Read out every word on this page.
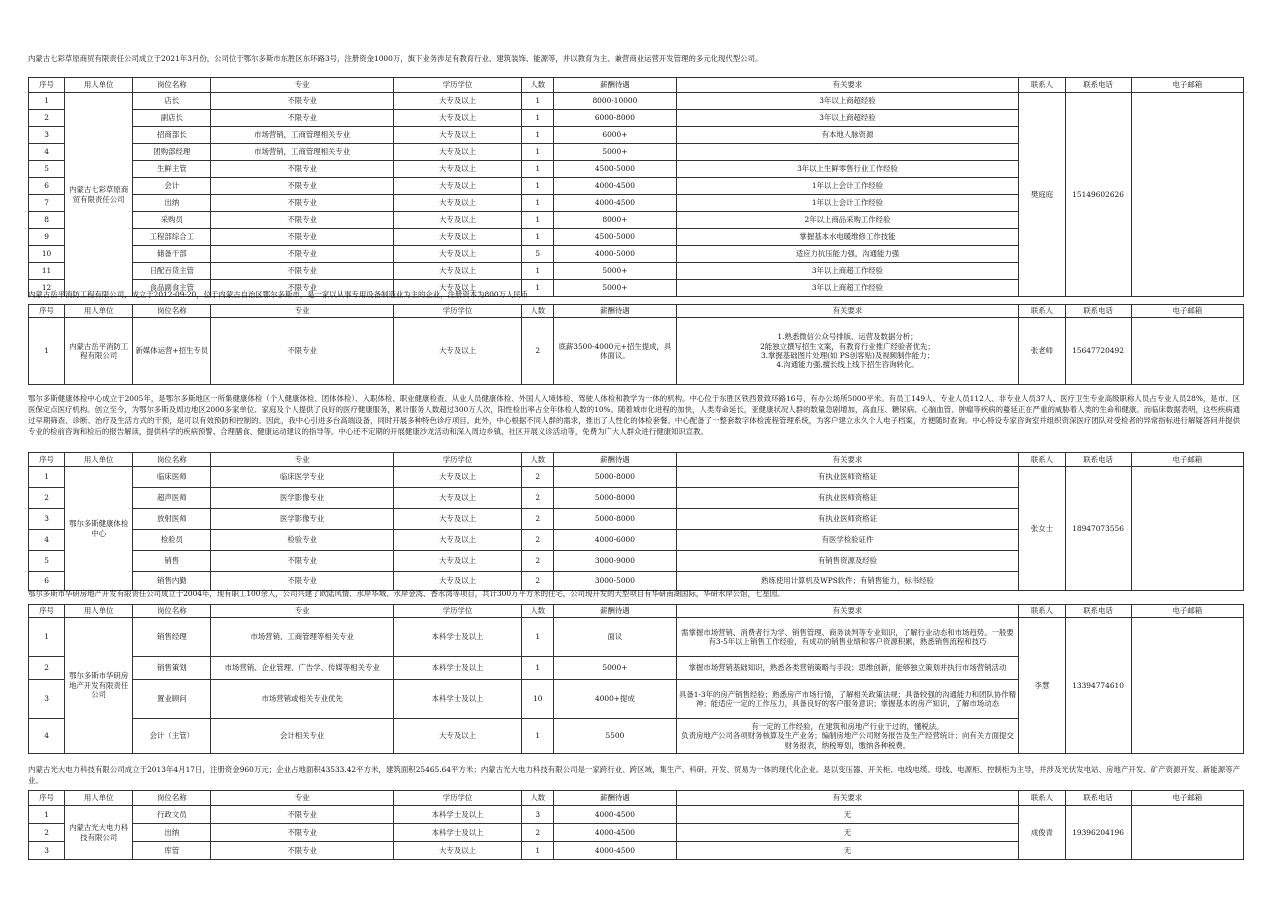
内蒙古七彩草原商贸有限责任公司成立于2021年3月份，公司位于鄂尔多斯市东胜区东环路3号，注册资金1000万，旗下业务涉足有教育行业、建筑装饰、能源等，并以教育为主、兼营商业运营开发管理的多元化现代型公司。

序号	用人单位	岗位名称	专业	学历学位	人数	薪酬待遇	有关要求	联系人	联系电话	电子邮箱
1	内蒙古七彩草原商贸有限责任公司	店长	不限专业	大专及以上	1	8000-10000	3年以上商超经验	樊庭庭	15149602626	
2		副店长	不限专业	大专及以上	1	6000-8000	3年以上商超经验			
3		招商部长	市场营销，工商管理相关专业	大专及以上	1	6000+	有本地人脉资源			
4		团购部经理	市场营销，工商管理相关专业	大专及以上	1	5000+				
5		生鲜主管	不限专业	大专及以上	1	4500-5000	3年以上生鲜零售行业工作经验			
6		会计	不限专业	大专及以上	1	4000-4500	1年以上会计工作经验			
7		出纳	不限专业	大专及以上	1	4000-4500	1年以上会计工作经验			
8		采购员	不限专业	大专及以上	1	8000+	2年以上商品采购工作经验			
9		工程部综合工	不限专业	大专及以上	1	4500-5000	掌握基本水电暖维修工作技能			
10		储备干部	不限专业	大专及以上	5	4000-5000	适应力抗压能力强，沟通能力强			
11		日配百货主管	不限专业	大专及以上	1	5000+	3年以上商超工作经验			
12		食品副食主管	不限专业	大专及以上	1	5000+	3年以上商超工作经验			

内蒙古岳平消防工程有限公司，成立于2012-09-20，位于内蒙古自治区鄂尔多斯市，是一家以从事专用设备制造业为主的企业，注册资本为800万人民币

序号	用人单位	岗位名称	专业	学历学位	人数	薪酬待遇	有关要求	联系人	联系电话	电子邮箱
1	内蒙古岳平消防工程有限公司	新媒体运营+招生专员	不限专业	大专及以上	2	底薪3500-4000元+招生提成，具体面议。	1.熟悉微信公众号排版、运营及数据分析；
2能独立撰写招生文案，有教育行业推广经验者优先；
3.掌握基础图片处理(如 PS创客贴)及视频制作能力；
4.沟通能力强,擅长线上线下招生咨询转化。	张老师	15647720492	

鄂尔多斯健康体检中心成立于2005年，是鄂尔多斯地区一所集健康体检（个人健康体检、团体体检）、入职体检、职业健康检查、从业人员健康体检、外国人入境体检、驾驶人体检和教学为一体的机构。中心位于东胜区铁西景致环路16号，有办公场所5000平米。有员工149人、专业人员112人、非专业人员37人、医疗卫生专业高级职称人员占专业人员28%，是市、区医保定点医疗机构。创立至今，为鄂尔多斯及周边地区2000多家单位、家庭及个人提供了良好的医疗健康服务，累计服务人数超过300万人次，阳性检出率占全年体检人数的10%。随着城市化进程的加快，人类寿命延长，亚健康状况人群的数量急剧增加，高血压、糖尿病、心脑血管、肿瘤等疾病的蔓延正在严重的威胁着人类的生命和健康。而临床数据表明，这些疾病通过早期筛查、诊断、治疗及生活方式的干预，是可以有效预防和控制的。因此，我中心引进多台高端设备，同时开展多种特色诊疗项目。此外，中心根据不同人群的需求，推出了人性化的体检套餐。中心配备了一整套数字体检流程管理系统，为客户建立永久个人电子档案，方便随时查询。中心特设专家咨询室并组织资深医疗团队对受检者的异常指标进行解疑答问并提供专业的检前咨询和检后的报告解读，提供科学的疾病预警、合理膳食、健康运动建议的指导等。中心还不定期的开展健康沙龙活动和深入周边乡镇、社区开展义诊活动等，免费为广大人群众进行健康知识宣教。

序号	用人单位	岗位名称	专业	学历学位	人数	薪酬待遇	有关要求	联系人	联系电话	电子邮箱
1	鄂尔多斯健康体检中心	临床医师	临床医学专业	大专及以上	2	5000-8000	有执业医师资格证	张女士	18947073556	
2		超声医师	医学影像专业	大专及以上	2	5000-8000	有执业医师资格证			
3		放射医师	医学影像专业	大专及以上	2	5000-8000	有执业医师资格证			
4		检验员	检验专业	大专及以上	2	4000-6000	有医学检验证件			
5		销售	不限专业	大专及以上	2	3000-9000	有销售资源及经验			
6		销售内勤	不限专业	大专及以上	2	3000-5000	熟练使用计算机及WPS软件；有销售能力，标书经验			

鄂尔多斯市华研房地产开发有限责任公司成立于2004年，现有职工100余人，公司兴建了欧陆风情、水岸华城、水岸金湾、香水湾等项目，共计300万平方米的住宅，公司现开发的大型项目有华研南湖国际，华研水岸公馆，七星园。

序号	用人单位	岗位名称	专业	学历学位	人数	薪酬待遇	有关要求	联系人	联系电话	电子邮箱
1	鄂尔多斯市华研房地产开发有限责任公司	销售经理	市场营销、工商管理等相关专业	本科学士及以上	1	面议	需掌握市场营销、消费者行为学、销售管理、商务谈判等专业知识，了解行业动态和市场趋势。一般要有3-5年以上销售工作经验，有成功的销售业绩和客户资源积累，熟悉销售流程和技巧	李慧	13394774610	
2		销售策划	市场营销、企业管理、广告学、传媒等相关专业	本科学士及以上	1	5000+	掌握市场营销基础知识，熟悉各类营销策略与手段；思维创新，能够独立策划并执行市场营销活动			
3		置业顾问	市场营销或相关专业优先	本科学士及以上	10	4000+提成	具备1-3年的房产销售经验；熟悉房产市场行情，了解相关政策法规；具备较强的沟通能力和团队协作精神；能适应一定的工作压力，具备良好的客户服务意识；掌握基本的房产知识，了解市场动态			
4		会计（主管）	会计相关专业	大专及以上	1	5500	有一定的工作经验，在建筑和房地产行业干过的，懂税法。
负责房地产公司各项财务核算及生产业务；编制房地产公司财务报告及生产经营统计；向有关方面提交财务报表，纳税筹划，缴纳各种税费。			

内蒙古光大电力科技有限公司成立于2013年4月17日，注册资金960万元；企业占地面积43533.42平方米，建筑面积25465.64平方米；内蒙古光大电力科技有限公司是一家跨行业、跨区域，集生产、科研、开发、贸易为一体的现代化企业。是以变压器、开关柜、电线电缆、母线、电源柜、控制柜为主导，并涉及光伏发电站、房地产开发、矿产资源开发、新能源等产业。

序号	用人单位	岗位名称	专业	学历学位	人数	薪酬待遇	有关要求	联系人	联系电话	电子邮箱
1	内蒙古光大电力科技有限公司	行政文员	不限专业	本科学士及以上	3	4000-4500	无	成俊青	19396204196	
2		出纳	不限专业	本科学士及以上	2	4000-4500	无			
3		库管	不限专业	大专及以上	1	4000-4500	无			
